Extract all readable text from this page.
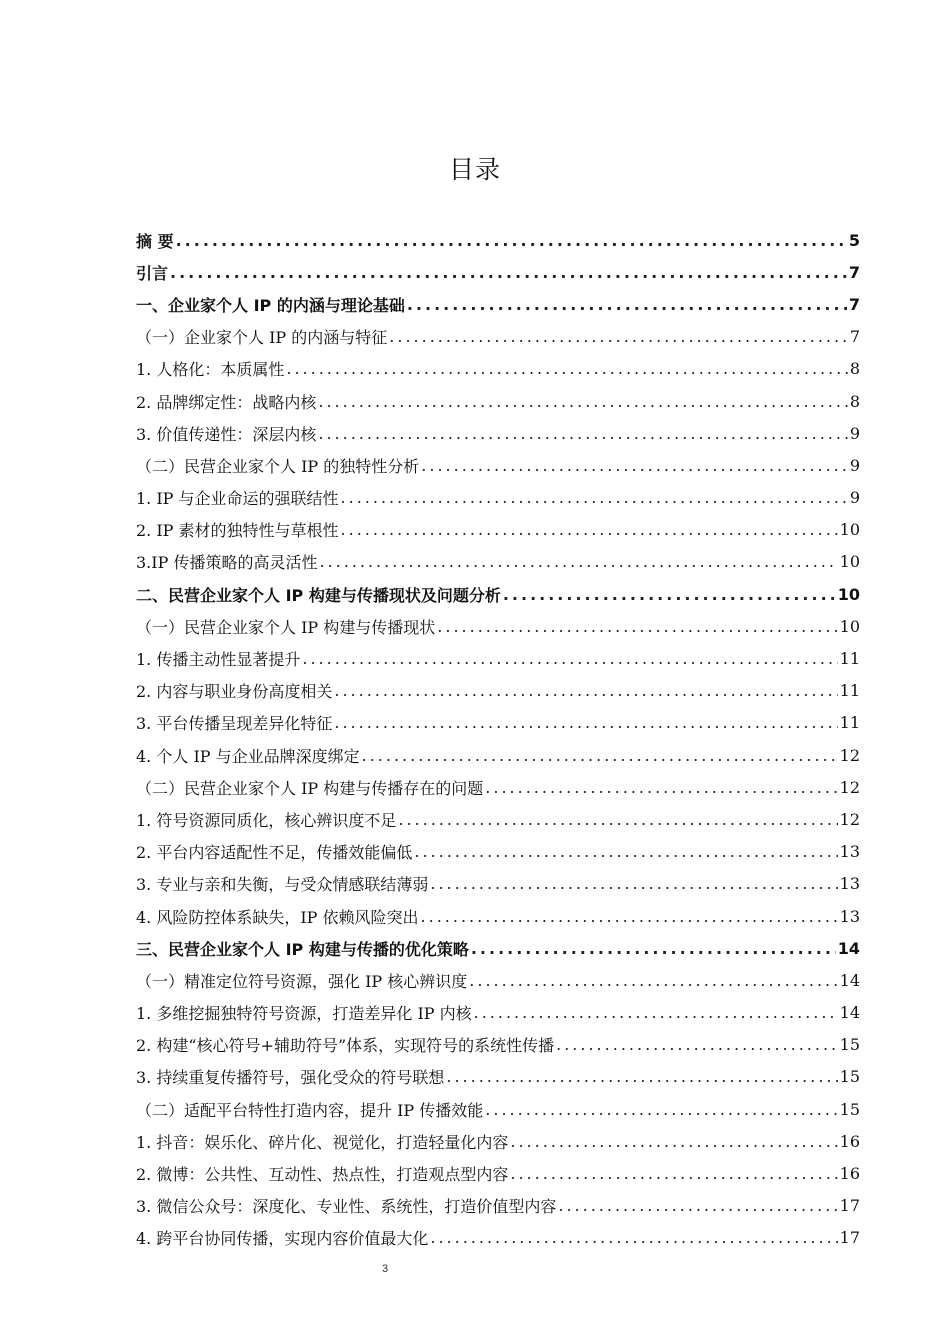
目录
摘 要 .....	5
引言 .....	7
一、企业家个人 IP 的内涵与理论基础 .....	7
（一）企业家个人 IP 的内涵与特征 .....	7
1. 人格化：本质属性 .....	8
2. 品牌绑定性：战略内核 .....	8
3. 价值传递性：深层内核 .....	9
（二）民营企业家个人 IP 的独特性分析 .....	9
1. IP 与企业命运的强联结性 .....	9
2. IP 素材的独特性与草根性 .....	10
3.IP 传播策略的高灵活性 .....	10
二、民营企业家个人 IP 构建与传播现状及问题分析 .....	10
（一）民营企业家个人 IP 构建与传播现状 .....	10
1. 传播主动性显著提升 .....	11
2. 内容与职业身份高度相关 .....	11
3. 平台传播呈现差异化特征 .....	11
4. 个人 IP 与企业品牌深度绑定 .....	12
（二）民营企业家个人 IP 构建与传播存在的问题 .....	12
1. 符号资源同质化，核心辨识度不足 .....	12
2. 平台内容适配性不足，传播效能偏低 .....	13
3. 专业与亲和失衡，与受众情感联结薄弱 .....	13
4. 风险防控体系缺失，IP 依赖风险突出 .....	13
三、民营企业家个人 IP 构建与传播的优化策略 .....	14
（一）精准定位符号资源，强化 IP 核心辨识度 .....	14
1. 多维挖掘独特符号资源，打造差异化 IP 内核 .....	14
2. 构建“核心符号+辅助符号”体系，实现符号的系统性传播 .....	15
3. 持续重复传播符号，强化受众的符号联想 .....	15
（二）适配平台特性打造内容，提升 IP 传播效能 .....	15
1. 抖音：娱乐化、碎片化、视觉化，打造轻量化内容 .....	16
2. 微博：公共性、互动性、热点性，打造观点型内容 .....	16
3. 微信公众号：深度化、专业性、系统性，打造价值型内容 .....	17
4. 跨平台协同传播，实现内容价值最大化 .....	17
3
